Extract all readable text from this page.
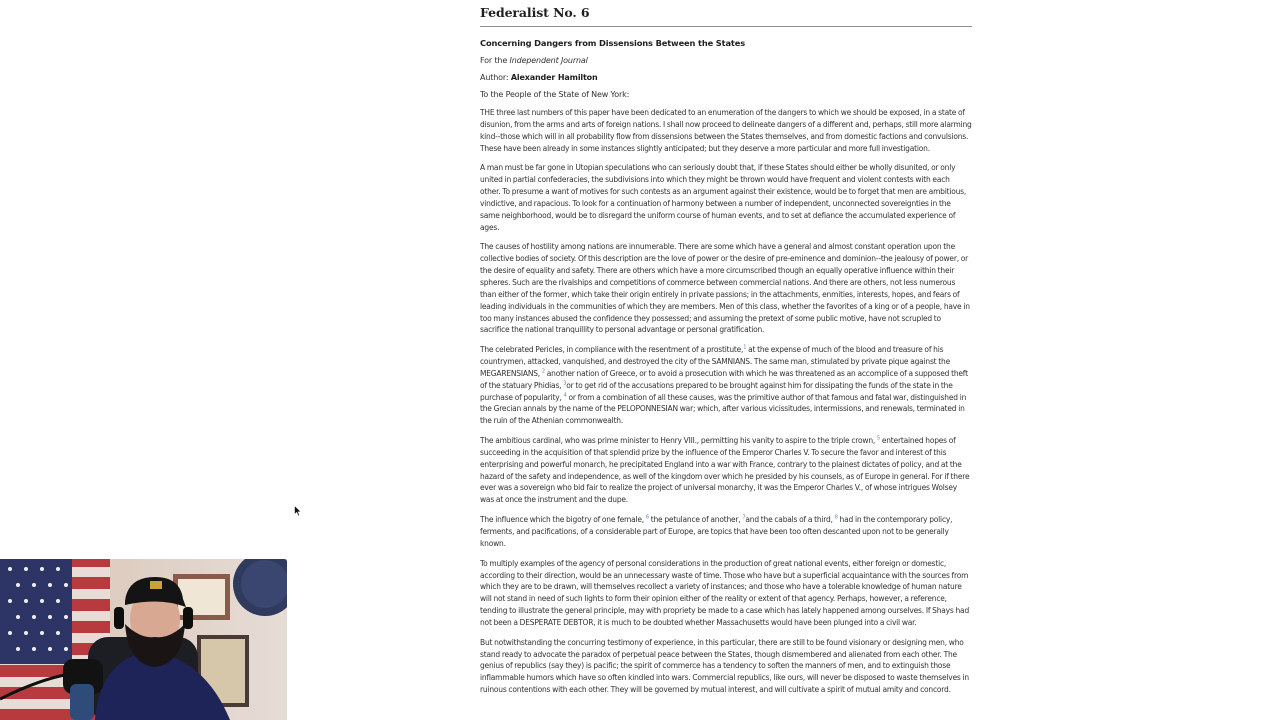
Federalist No. 6
Concerning Dangers from Dissensions Between the States
For the Independent Journal
Author: Alexander Hamilton
To the People of the State of New York:

THE three last numbers of this paper have been dedicated to an enumeration of the dangers to which we should be exposed, in a state of disunion, from the arms and arts of foreign nations. I shall now proceed to delineate dangers of a different and, perhaps, still more alarming kind--those which will in all probability flow from dissensions between the States themselves, and from domestic factions and convulsions. These have been already in some instances slightly anticipated; but they deserve a more particular and more full investigation.

A man must be far gone in Utopian speculations who can seriously doubt that, if these States should either be wholly disunited, or only united in partial confederacies, the subdivisions into which they might be thrown would have frequent and violent contests with each other. To presume a want of motives for such contests as an argument against their existence, would be to forget that men are ambitious, vindictive, and rapacious. To look for a continuation of harmony between a number of independent, unconnected sovereignties in the same neighborhood, would be to disregard the uniform course of human events, and to set at defiance the accumulated experience of ages.

The causes of hostility among nations are innumerable. There are some which have a general and almost constant operation upon the collective bodies of society. Of this description are the love of power or the desire of pre-eminence and dominion--the jealousy of power, or the desire of equality and safety. There are others which have a more circumscribed though an equally operative influence within their spheres. Such are the rivalships and competitions of commerce between commercial nations. And there are others, not less numerous than either of the former, which take their origin entirely in private passions; in the attachments, enmities, interests, hopes, and fears of leading individuals in the communities of which they are members. Men of this class, whether the favorites of a king or of a people, have in too many instances abused the confidence they possessed; and assuming the pretext of some public motive, have not scrupled to sacrifice the national tranquillity to personal advantage or personal gratification.

The celebrated Pericles, in compliance with the resentment of a prostitute,$^1$ at the expense of much of the blood and treasure of his countrymen, attacked, vanquished, and destroyed the city of the SAMNIANS. The same man, stimulated by private pique against the MEGARENSIANS, $^2$ another nation of Greece, or to avoid a prosecution with which he was threatened as an accomplice of a supposed theft of the statuary Phidias, $^3$or to get rid of the accusations prepared to be brought against him for dissipating the funds of the state in the purchase of popularity, $^4$ or from a combination of all these causes, was the primitive author of that famous and fatal war, distinguished in the Grecian annals by the name of the PELOPONNESIAN war; which, after various vicissitudes, intermissions, and renewals, terminated in the ruin of the Athenian commonwealth.

The ambitious cardinal, who was prime minister to Henry VIII., permitting his vanity to aspire to the triple crown, $^5$ entertained hopes of succeeding in the acquisition of that splendid prize by the influence of the Emperor Charles V. To secure the favor and interest of this enterprising and powerful monarch, he precipitated England into a war with France, contrary to the plainest dictates of policy, and at the hazard of the safety and independence, as well of the kingdom over which he presided by his counsels, as of Europe in general. For if there ever was a sovereign who bid fair to realize the project of universal monarchy, it was the Emperor Charles V., of whose intrigues Wolsey was at once the instrument and the dupe.

The influence which the bigotry of one female, $^6$ the petulance of another, $^7$and the cabals of a third, $^8$ had in the contemporary policy, ferments, and pacifications, of a considerable part of Europe, are topics that have been too often descanted upon not to be generally known.

To multiply examples of the agency of personal considerations in the production of great national events, either foreign or domestic, according to their direction, would be an unnecessary waste of time. Those who have but a superficial acquaintance with the sources from which they are to be drawn, will themselves recollect a variety of instances; and those who have a tolerable knowledge of human nature will not stand in need of such lights to form their opinion either of the reality or extent of that agency. Perhaps, however, a reference, tending to illustrate the general principle, may with propriety be made to a case which has lately happened among ourselves. If Shays had not been a DESPERATE DEBTOR, it is much to be doubted whether Massachusetts would have been plunged into a civil war.

But notwithstanding the concurring testimony of experience, in this particular, there are still to be found visionary or designing men, who stand ready to advocate the paradox of perpetual peace between the States, though dismembered and alienated from each other. The genius of republics (say they) is pacific; the spirit of commerce has a tendency to soften the manners of men, and to extinguish those inflammable humors which have so often kindled into wars. Commercial republics, like ours, will never be disposed to waste themselves in ruinous contentions with each other. They will be governed by mutual interest, and will cultivate a spirit of mutual amity and concord.
